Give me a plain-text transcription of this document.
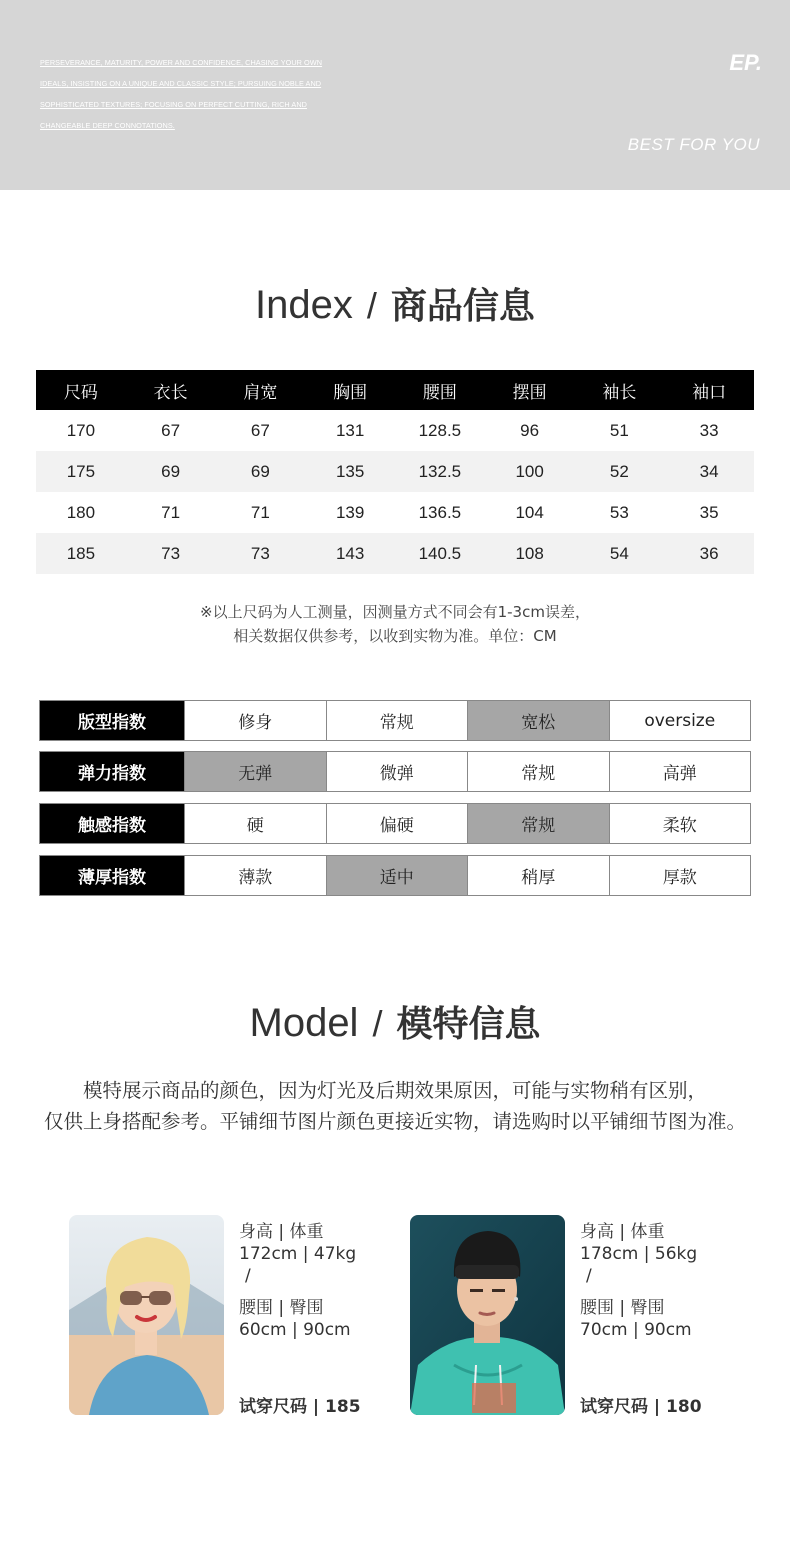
PERSEVERANCE, MATURITY, POWER AND CONFIDENCE, CHASING YOUR OWN
IDEALS, INSISTING ON A UNIQUE AND CLASSIC STYLE; PURSUING NOBLE AND
SOPHISTICATED TEXTURES; FOCUSING ON PERFECT CUTTING, RICH AND
CHANGEABLE DEEP CONNOTATIONS.
EP.
BEST FOR YOU
Index / 商品信息
尺码	衣长	肩宽	胸围	腰围	摆围	袖长	袖口
170	67	67	131	128.5	96	51	33
175	69	69	135	132.5	100	52	34
180	71	71	139	136.5	104	53	35
185	73	73	143	140.5	108	54	36
※以上尺码为人工测量，因测量方式不同会有1-3cm误差，
相关数据仅供参考，以收到实物为准。单位：CM
版型指数	修身	常规	宽松	oversize
弹力指数	无弹	微弹	常规	高弹
触感指数	硬	偏硬	常规	柔软
薄厚指数	薄款	适中	稍厚	厚款
Model / 模特信息
模特展示商品的颜色，因为灯光及后期效果原因，可能与实物稍有区别，
仅供上身搭配参考。平铺细节图片颜色更接近实物，请选购时以平铺细节图为准。
身高 | 体重
172cm | 47kg
/
腰围 | 臀围
60cm | 90cm
试穿尺码 | 185
身高 | 体重
178cm | 56kg
/
腰围 | 臀围
70cm | 90cm
试穿尺码 | 180
